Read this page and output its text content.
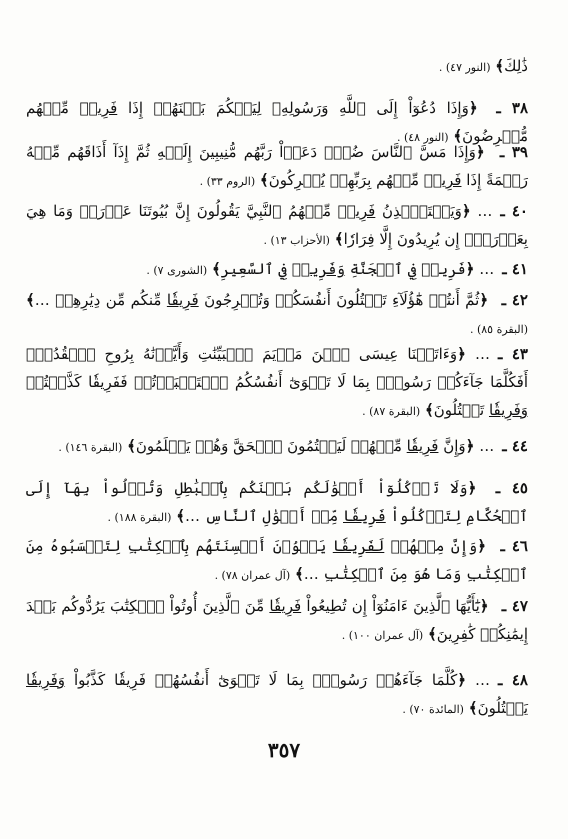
ذَٰلِكَ﴾ (النور ٤٧) .
٣٨ ـ ﴿وَإِذَا دُعُوٓاْ إِلَى ٱللَّهِ وَرَسُولِهِۦ لِيَحۡكُمَ بَيۡنَهُمۡ إِذَا فَرِيقٞ مِّنۡهُم مُّعۡرِضُونَ﴾ (النور ٤٨) .
٣٩ ـ ﴿وَإِذَا مَسَّ ٱلنَّاسَ ضُرّٞ دَعَوۡاْ رَبَّهُم مُّنِيبِينَ إِلَيۡهِ ثُمَّ إِذَآ أَذَاقَهُم مِّنۡهُ رَحۡمَةً إِذَا فَرِيقٞ مِّنۡهُم بِرَبِّهِمۡ يُشۡرِكُونَ﴾ (الروم ٣٣) .
٤٠ ـ… ﴿وَيَسۡتَـٔۡذِنُ فَرِيقٞ مِّنۡهُمُ ٱلنَّبِيَّ يَقُولُونَ إِنَّ بُيُوتَنَا عَوۡرَةٞ وَمَا هِيَ بِعَوۡرَةٍۖ إِن يُرِيدُونَ إِلَّا فِرَارٗا﴾ (الأحزاب ١٣) .
٤١ ـ… ﴿فَرِيقٞ فِي ٱلۡجَنَّةِ وَفَرِيقٞ فِي ٱلسَّعِيرِ﴾ (الشورى ٧) .
٤٢ ـ ﴿ثُمَّ أَنتُمۡ هَٰٓؤُلَآءِ تَقۡتُلُونَ أَنفُسَكُمۡ وَتُخۡرِجُونَ فَرِيقٗا مِّنكُم مِّن دِيَٰرِهِمۡ …﴾ (البقرة ٨٥) .
٤٣ ـ… ﴿وَءَاتَيۡنَا عِيسَى ٱبۡنَ مَرۡيَمَ ٱلۡبَيِّنَٰتِ وَأَيَّدۡنَٰهُ بِرُوحِ ٱلۡقُدُسِۗ أَفَكُلَّمَا جَآءَكُمۡ رَسُولُۢ بِمَا لَا تَهۡوَىٰٓ أَنفُسُكُمُ ٱسۡتَكۡبَرۡتُمۡ فَفَرِيقٗا كَذَّبۡتُمۡ وَفَرِيقٗا تَقۡتُلُونَ﴾ (البقرة ٨٧) .
٤٤ ـ… ﴿وَإِنَّ فَرِيقٗا مِّنۡهُمۡ لَيَكۡتُمُونَ ٱلۡحَقَّ وَهُمۡ يَعۡلَمُونَ﴾ (البقرة ١٤٦) .
٤٥ ـ ﴿وَلَا تَأۡكُلُوٓاْ أَمۡوَٰلَكُم بَيۡنَكُم بِٱلۡبَٰطِلِ وَتُدۡلُواْ بِهَآ إِلَى ٱلۡحُكَّامِ لِتَأۡكُلُواْ فَرِيقٗا مِّنۡ أَمۡوَٰلِ ٱلنَّاسِ …﴾ (البقرة ١٨٨) .
٤٦ ـ ﴿وَإِنَّ مِنۡهُمۡ لَفَرِيقٗا يَلۡوُۥنَ أَلۡسِنَتَهُم بِٱلۡكِتَٰبِ لِتَحۡسَبُوهُ مِنَ ٱلۡكِتَٰبِ وَمَا هُوَ مِنَ ٱلۡكِتَٰبِ …﴾ (آل عمران ٧٨) .
٤٧ ـ ﴿يَٰٓأَيُّهَا ٱلَّذِينَ ءَامَنُوٓاْ إِن تُطِيعُواْ فَرِيقٗا مِّنَ ٱلَّذِينَ أُوتُواْ ٱلۡكِتَٰبَ يَرُدُّوكُم بَعۡدَ إِيمَٰنِكُمۡ كَٰفِرِينَ﴾ (آل عمران ١٠٠) .
٤٨ ـ… ﴿كُلَّمَا جَآءَهُمۡ رَسُولُۢ بِمَا لَا تَهۡوَىٰٓ أَنفُسُهُمۡ فَرِيقٗا كَذَّبُواْ وَفَرِيقٗا يَقۡتُلُونَ﴾ (المائدة ٧٠) .
٣٥٧
